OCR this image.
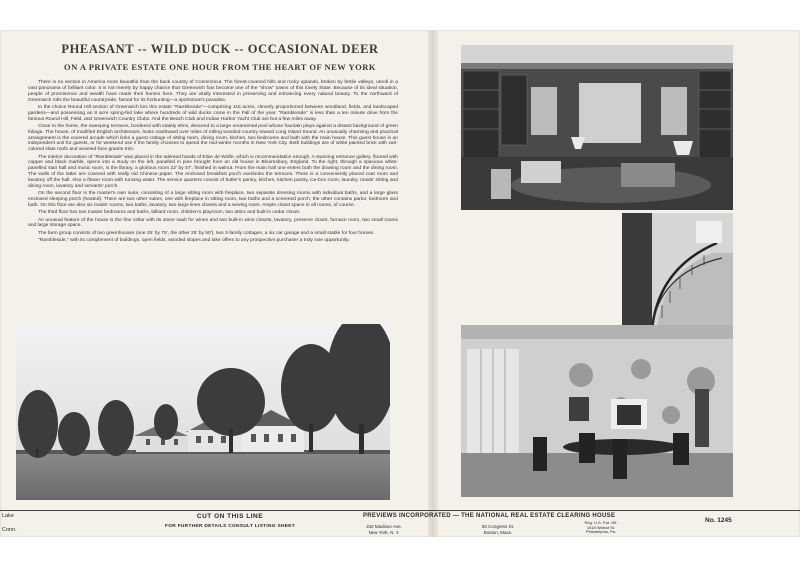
PHEASANT -- WILD DUCK -- OCCASIONAL DEER
ON A PRIVATE ESTATE ONE HOUR FROM THE HEART OF NEW YORK

There is no section in America more beautiful than the back country of Connecticut. The forest-covered hills and rocky uplands, broken by fertile valleys, unroll in a vast panorama of brilliant color. It is not merely by happy chance that Greenwich has become one of the "show" towns of this lovely State. Because of its ideal situation, people of prominence and wealth have made their homes here. They are vitally interested in preserving and enhancing every natural beauty. To the northward of Greenwich rolls the beautiful countryside, famed for its foxhunting—a sportsman's paradise.

In the choice Round Hill section of Greenwich lies this estate "Rambleside"—comprising 116 acres, cleverly proportioned between woodland, fields, and landscaped gardens—and possessing an 8 acre spring-fed lake where hundreds of wild ducks come in the Fall of the year. "Rambleside" is less than a ten minute drive from the famous Round Hill, Field, and Greenwich Country Clubs. And the Beach Club and Indian Harbor Yacht Club are but a few miles away.

Close to the home, the sweeping terraces, bordered with stately elms, descend to a large ornamental pool whose fountain plays against a distant background of green foliage. The house, of modified English architecture, looks southward over miles of rolling wooded country toward Long Island Sound. An unusually charming and practical arrangement is the covered arcade which links a guest cottage of sitting room, dining room, kitchen, two bedrooms and bath with the main house. This guest house is an independent unit for guests, or for weekend use if the family chooses to spend the mid-winter months in New York City. Both buildings are of white painted brick with vari-colored slate roofs and seamed-face granite trim.

The interior decoration of "Rambleside" was placed in the talented hands of Elsie de Wolfe, which is recommendation enough. A stunning entrance gallery, floored with copper and black marble, opens into a study on the left, panelled in pine brought from an old house in Bloomsbury, England. To the right, through a spacious white-panelled stair hall and music room, is the library, a glorious room 22' by 57', finished in walnut. From the main hall one enters both the drawing room and the dining room. The walls of the latter are covered with really old Chinese paper. The enclosed breakfast porch overlooks the terraces. There is a conveniently placed coat room and lavatory off the hall. Also a flower room with running water. The service quarters consist of butler's pantry, kitchen, kitchen pantry, ice-box room, laundry, maids' sitting and dining room, lavatory and servants' porch.

On the second floor is the master's own suite, consisting of a large sitting room with fireplace, two separate dressing rooms with individual baths, and a large glass enclosed sleeping porch (heated). There are two other suites, one with fireplace in sitting room, two baths and a screened porch; the other contains parlor, bedroom and bath. On this floor are also six maids' rooms, two baths, lavatory, two large linen closets and a sewing room. Ample closet space in all rooms, of course.

The third floor has two master bedrooms and baths, billiard room, children's playroom, two attics and built-in cedar closet.

An unusual feature of the house is the fine cellar with its stone vault for wines and two built-in wine closets, lavatory, preserve closet, furnace room, two small rooms and large storage space.

The farm group consists of two greenhouses (one 25' by 75', the other 25' by 50'), two 2-family cottages, a six car garage and a small stable for four horses.

"Rambleside," with its complement of buildings, open fields, wooded slopes and lake offers to any prospective purchaser a truly rare opportunity.

Lake
Conn.
CUT ON THIS LINE
FOR FURTHER DETAILS CONSULT LISTING SHEET
PREVIEWS INCORPORATED — THE NATIONAL REAL ESTATE CLEARING HOUSE
342 Madison Ave.
New York, N. Y.
50 Congress St.
Boston, Mass.
Reg. U.S. Pat. Off.
1518 Walnut St.
Philadelphia, Pa.
No. 1245
